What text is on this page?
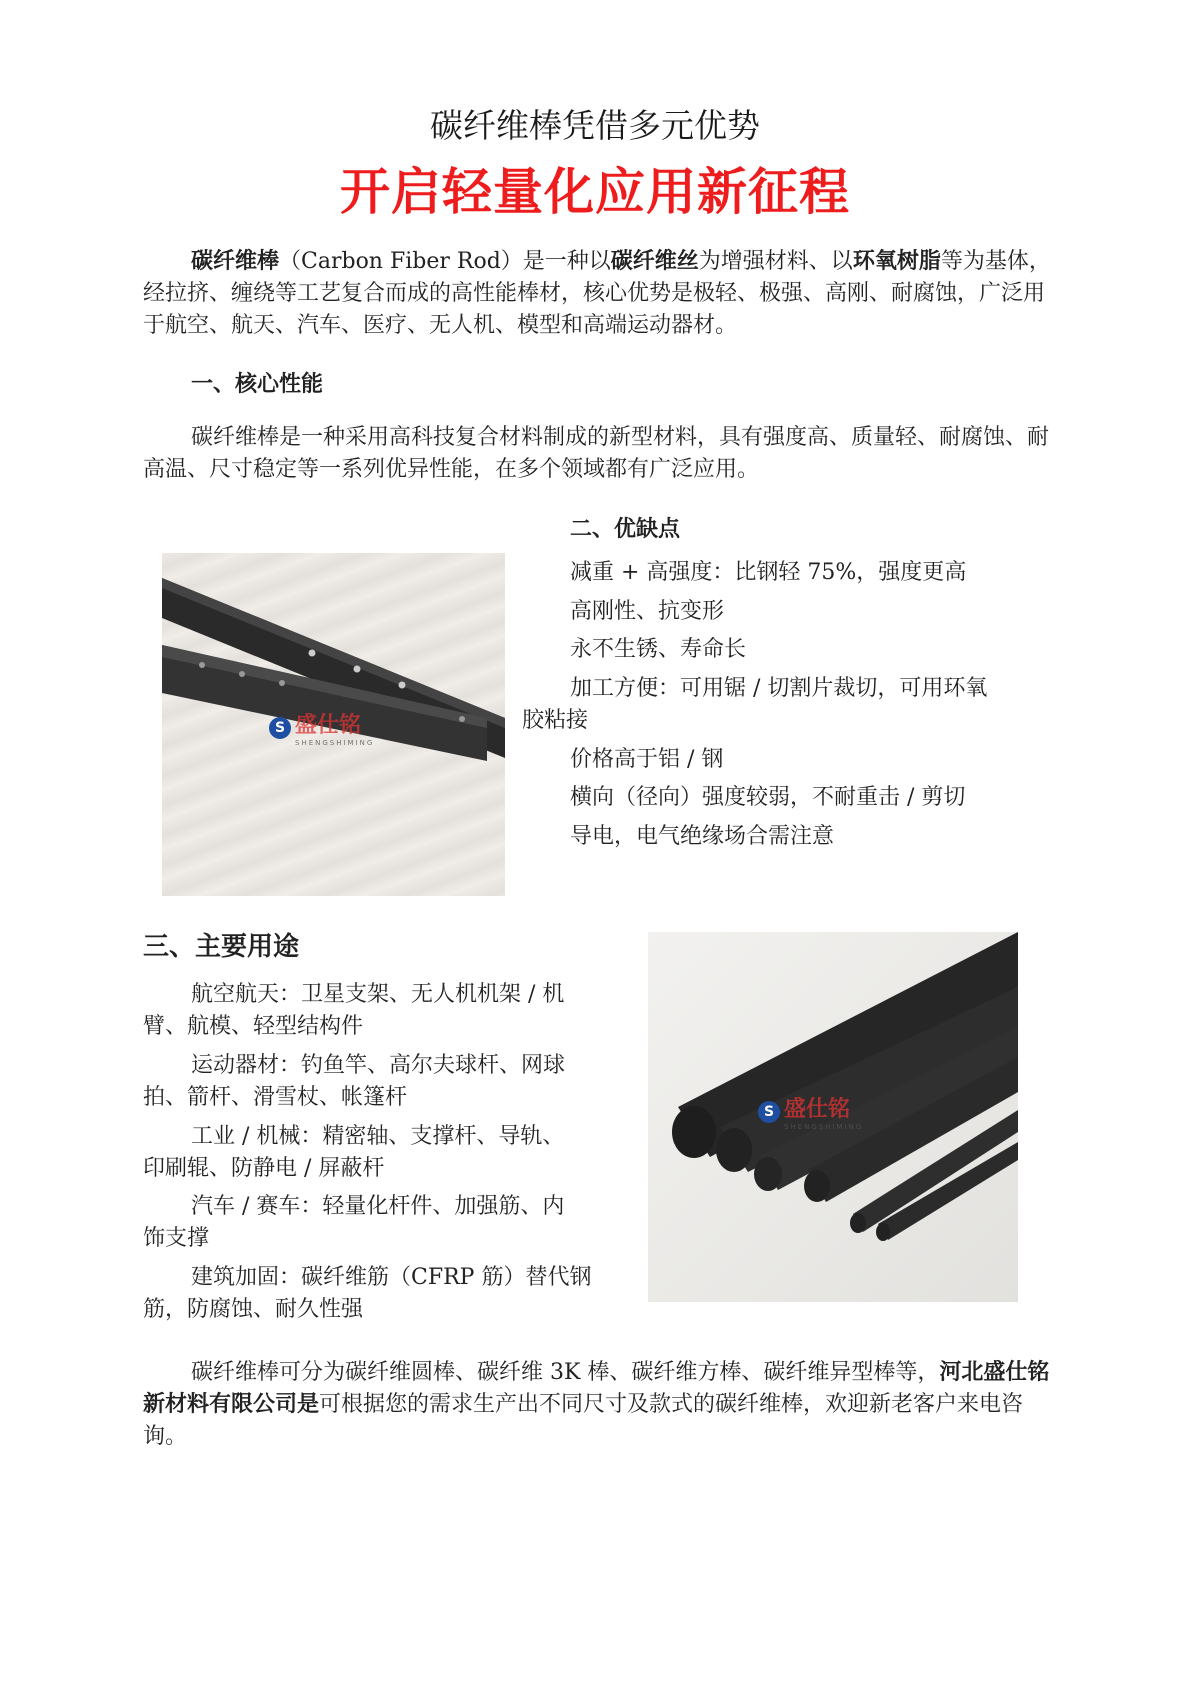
碳纤维棒凭借多元优势
开启轻量化应用新征程
碳纤维棒（Carbon Fiber Rod）是一种以碳纤维丝为增强材料、以环氧树脂等为基体，经拉挤、缠绕等工艺复合而成的高性能棒材，核心优势是极轻、极强、高刚、耐腐蚀，广泛用于航空、航天、汽车、医疗、无人机、模型和高端运动器材。
一、核心性能
碳纤维棒是一种采用高科技复合材料制成的新型材料，具有强度高、质量轻、耐腐蚀、耐高温、尺寸稳定等一系列优异性能，在多个领域都有广泛应用。
S 盛仕铭
SHENGSHIMING
二、优缺点
减重 + 高强度：比钢轻 75%，强度更高
高刚性、抗变形
永不生锈、寿命长
加工方便：可用锯 / 切割片裁切，可用环氧
胶粘接
价格高于铝 / 钢
横向（径向）强度较弱，不耐重击 / 剪切
导电，电气绝缘场合需注意
三、主要用途
航空航天：卫星支架、无人机机架 / 机
臂、航模、轻型结构件
运动器材：钓鱼竿、高尔夫球杆、网球
拍、箭杆、滑雪杖、帐篷杆
工业 / 机械：精密轴、支撑杆、导轨、
印刷辊、防静电 / 屏蔽杆
汽车 / 赛车：轻量化杆件、加强筋、内
饰支撑
建筑加固：碳纤维筋（CFRP 筋）替代钢
筋，防腐蚀、耐久性强
S 盛仕铭
SHENGSHIMING
碳纤维棒可分为碳纤维圆棒、碳纤维 3K 棒、碳纤维方棒、碳纤维异型棒等，河北盛仕铭新材料有限公司是可根据您的需求生产出不同尺寸及款式的碳纤维棒，欢迎新老客户来电咨询。
